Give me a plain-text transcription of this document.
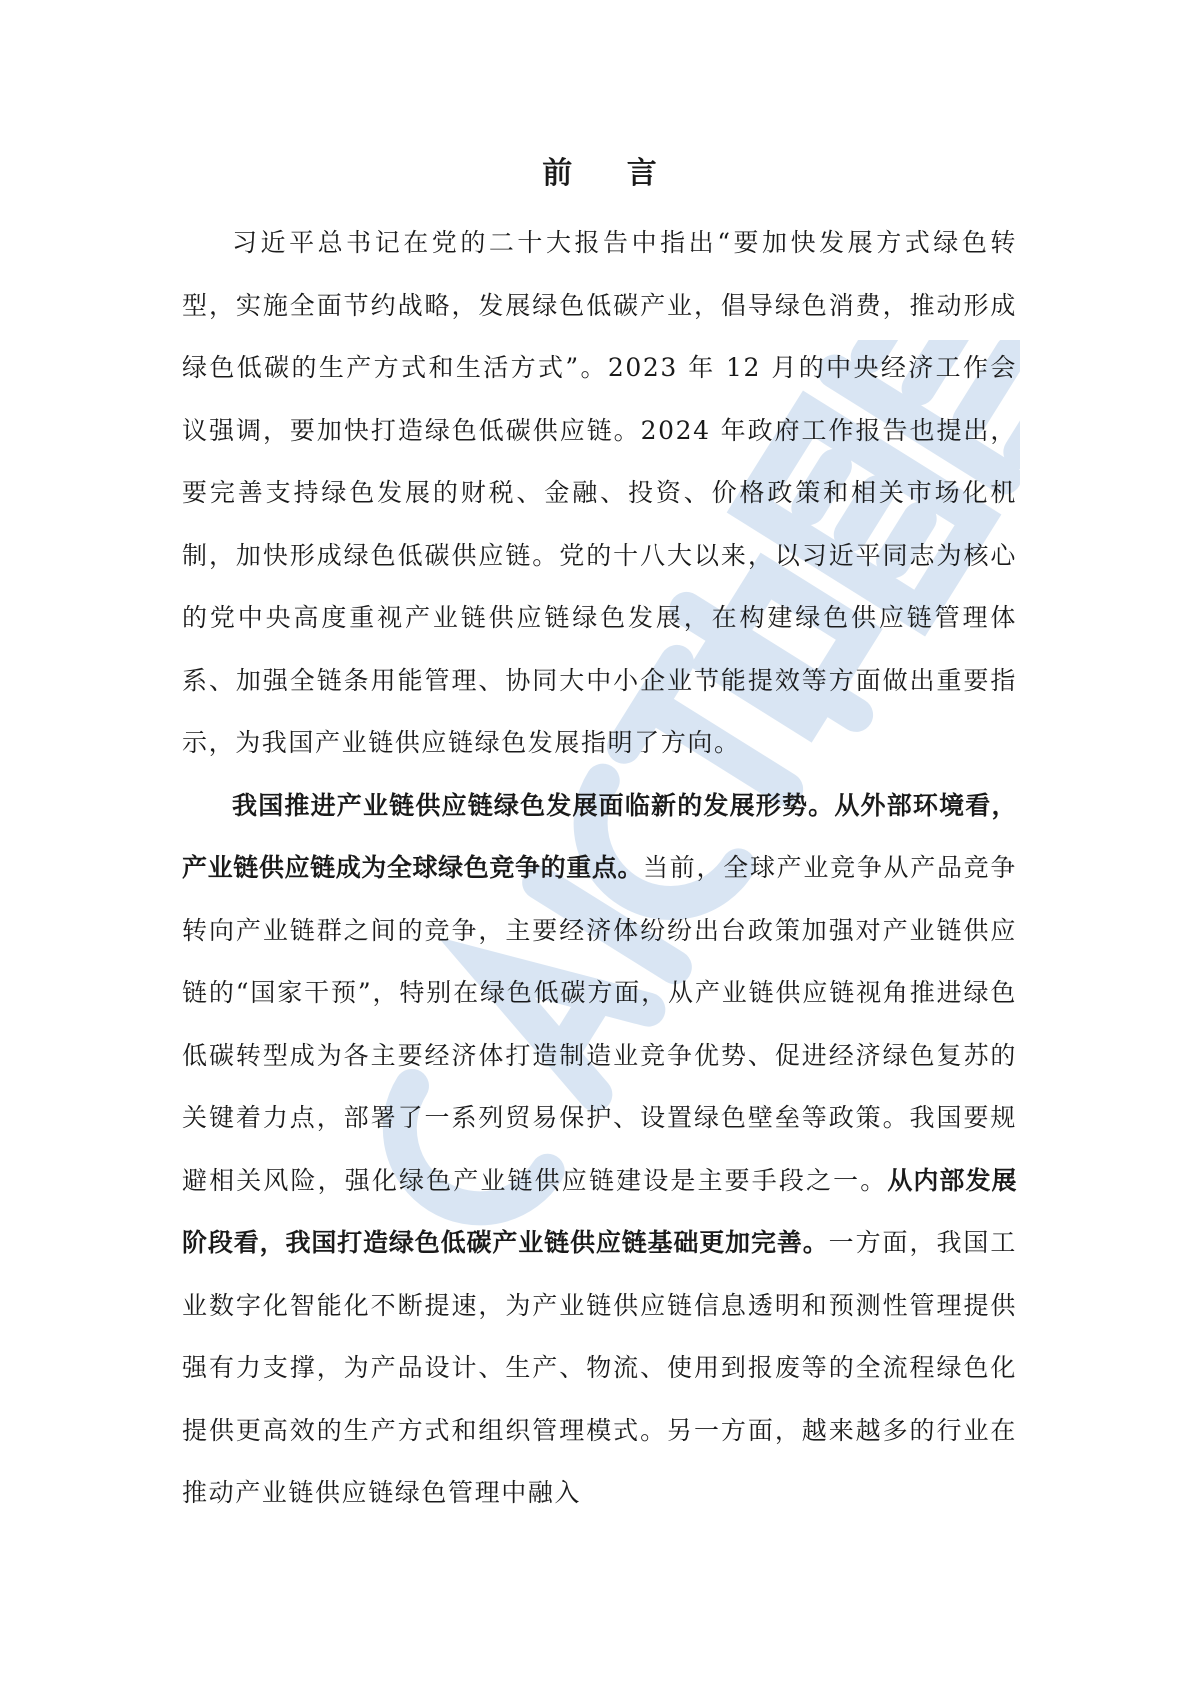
前 言

习近平总书记在党的二十大报告中指出“要加快发展方式绿色转型，实施全面节约战略，发展绿色低碳产业，倡导绿色消费，推动形成绿色低碳的生产方式和生活方式”。2023 年 12 月的中央经济工作会议强调，要加快打造绿色低碳供应链。2024 年政府工作报告也提出，要完善支持绿色发展的财税、金融、投资、价格政策和相关市场化机制，加快形成绿色低碳供应链。党的十八大以来，以习近平同志为核心的党中央高度重视产业链供应链绿色发展，在构建绿色供应链管理体系、加强全链条用能管理、协同大中小企业节能提效等方面做出重要指示，为我国产业链供应链绿色发展指明了方向。

我国推进产业链供应链绿色发展面临新的发展形势。从外部环境看，产业链供应链成为全球绿色竞争的重点。当前，全球产业竞争从产品竞争转向产业链群之间的竞争，主要经济体纷纷出台政策加强对产业链供应链的“国家干预”，特别在绿色低碳方面，从产业链供应链视角推进绿色低碳转型成为各主要经济体打造制造业竞争优势、促进经济绿色复苏的关键着力点，部署了一系列贸易保护、设置绿色壁垒等政策。我国要规避相关风险，强化绿色产业链供应链建设是主要手段之一。从内部发展阶段看，我国打造绿色低碳产业链供应链基础更加完善。一方面，我国工业数字化智能化不断提速，为产业链供应链信息透明和预测性管理提供强有力支撑，为产品设计、生产、物流、使用到报废等的全流程绿色化提供更高效的生产方式和组织管理模式。另一方面，越来越多的行业在推动产业链供应链绿色管理中融入
